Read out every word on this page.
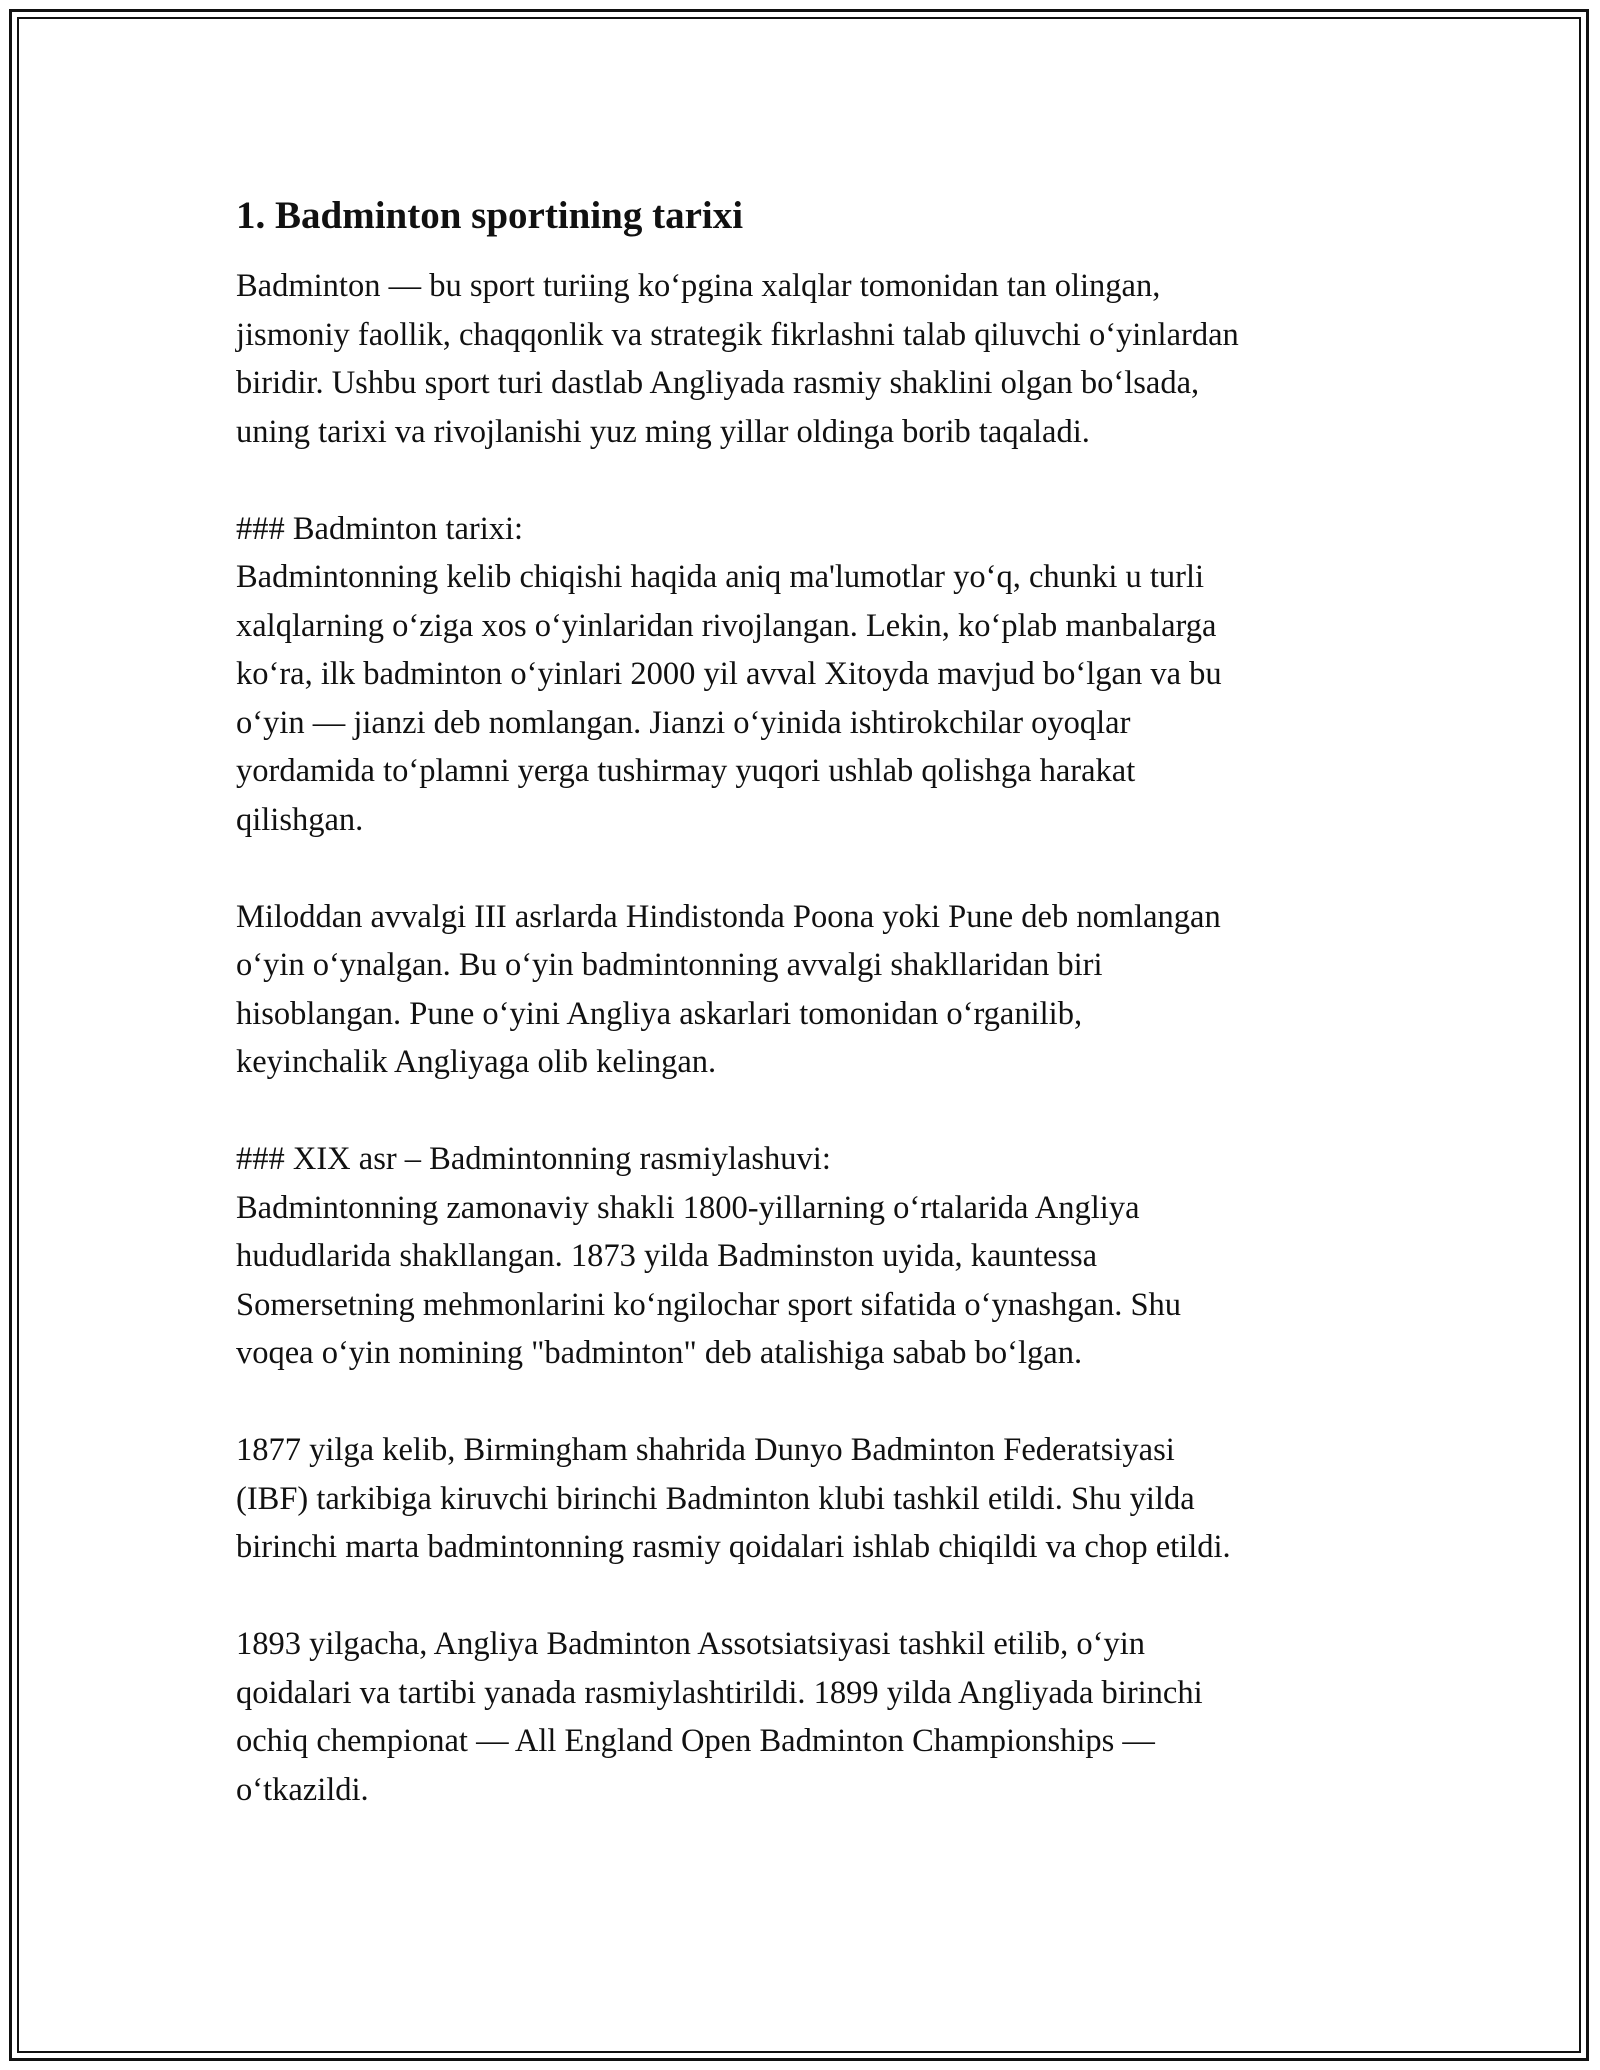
1. Badminton sportining tarixi
Badminton — bu sport turiing koʻpgina xalqlar tomonidan tan olingan,
jismoniy faollik, chaqqonlik va strategik fikrlashni talab qiluvchi oʻyinlardan
biridir. Ushbu sport turi dastlab Angliyada rasmiy shaklini olgan boʻlsada,
uning tarixi va rivojlanishi yuz ming yillar oldinga borib taqaladi.
### Badminton tarixi:
Badmintonning kelib chiqishi haqida aniq ma'lumotlar yoʻq, chunki u turli
xalqlarning oʻziga xos oʻyinlaridan rivojlangan. Lekin, koʻplab manbalarga
koʻra, ilk badminton oʻyinlari 2000 yil avval Xitoyda mavjud boʻlgan va bu
oʻyin — jianzi deb nomlangan. Jianzi oʻyinida ishtirokchilar oyoqlar
yordamida toʻplamni yerga tushirmay yuqori ushlab qolishga harakat
qilishgan.
Miloddan avvalgi III asrlarda Hindistonda Poona yoki Pune deb nomlangan
oʻyin oʻynalgan. Bu oʻyin badmintonning avvalgi shakllaridan biri
hisoblangan. Pune oʻyini Angliya askarlari tomonidan oʻrganilib,
keyinchalik Angliyaga olib kelingan.
### XIX asr – Badmintonning rasmiylashuvi:
Badmintonning zamonaviy shakli 1800-yillarning oʻrtalarida Angliya
hududlarida shakllangan. 1873 yilda Badminston uyida, kauntessa
Somersetning mehmonlarini koʻngilochar sport sifatida oʻynashgan. Shu
voqea oʻyin nomining "badminton" deb atalishiga sabab boʻlgan.
1877 yilga kelib, Birmingham shahrida Dunyo Badminton Federatsiyasi
(IBF) tarkibiga kiruvchi birinchi Badminton klubi tashkil etildi. Shu yilda
birinchi marta badmintonning rasmiy qoidalari ishlab chiqildi va chop etildi.
1893 yilgacha, Angliya Badminton Assotsiatsiyasi tashkil etilib, oʻyin
qoidalari va tartibi yanada rasmiylashtirildi. 1899 yilda Angliyada birinchi
ochiq chempionat — All England Open Badminton Championships —
oʻtkazildi.
